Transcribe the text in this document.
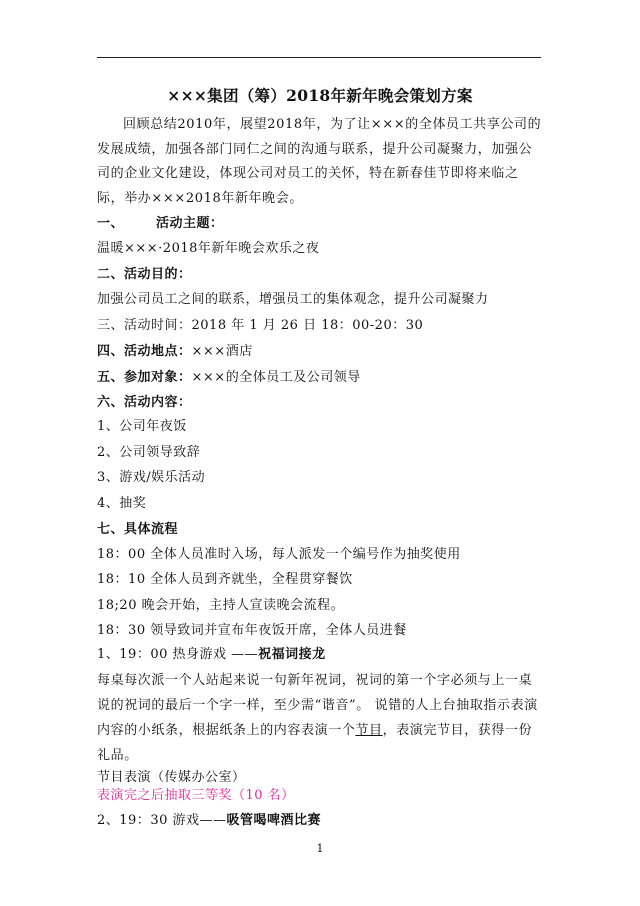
×××集团（筹）2018年新年晚会策划方案
回顾总结2010年，展望2018年，为了让×××的全体员工共享公司的发展成绩，加强各部门同仁之间的沟通与联系，提升公司凝聚力，加强公司的企业文化建设，体现公司对员工的关怀，特在新春佳节即将来临之际，举办×××2018年新年晚会。
一、 活动主题：
温暖×××·2018年新年晚会欢乐之夜
二、活动目的：
加强公司员工之间的联系，增强员工的集体观念，提升公司凝聚力
三、活动时间：2018 年 1 月 26 日 18：00-20：30
四、活动地点：×××酒店
五、参加对象：×××的全体员工及公司领导
六、活动内容：
1、公司年夜饭
2、公司领导致辞
3、游戏/娱乐活动
4、抽奖
七、具体流程
18：00 全体人员准时入场，每人派发一个编号作为抽奖使用
18：10 全体人员到齐就坐，全程贯穿餐饮
18;20 晚会开始，主持人宣读晚会流程。
18：30 领导致词并宣布年夜饭开席，全体人员进餐
1、19：00 热身游戏 ——祝福词接龙
每桌每次派一个人站起来说一句新年祝词，祝词的第一个字必须与上一桌说的祝词的最后一个字一样，至少需“谐音”。 说错的人上台抽取指示表演内容的小纸条，根据纸条上的内容表演一个节目，表演完节目，获得一份礼品。
节目表演（传媒办公室）
表演完之后抽取三等奖（10 名）
2、19：30 游戏——吸管喝啤酒比赛
1
